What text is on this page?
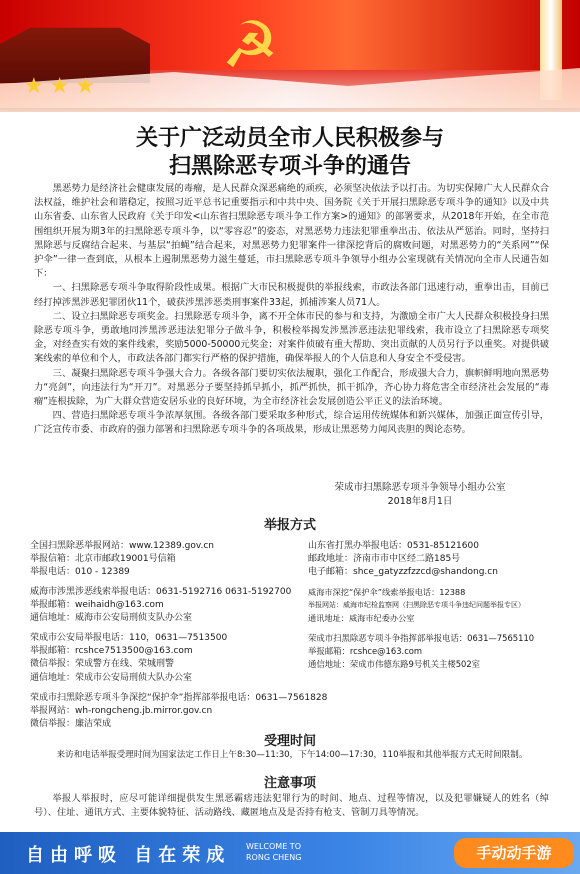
☭
★★★
关于广泛动员全市人民积极参与
扫黑除恶专项斗争的通告

黑恶势力是经济社会健康发展的毒瘤，是人民群众深恶痛绝的顽疾，必须坚决依法予以打击。为切实保障广大人民群众合法权益，维护社会和谐稳定，按照习近平总书记重要指示和中共中央、国务院《关于开展扫黑除恶专项斗争的通知》以及中共山东省委、山东省人民政府《关于印发<山东省扫黑除恶专项斗争工作方案>的通知》的部署要求，从2018年开始，在全市范围组织开展为期3年的扫黑除恶专项斗争，以“零容忍”的姿态，对黑恶势力违法犯罪重拳出击、依法从严惩治。同时，坚持扫黑除恶与反腐结合起来、与基层“拍蝇”结合起来，对黑恶势力犯罪案件一律深挖背后的腐败问题，对黑恶势力的“关系网”“保护伞”一律一查到底，从根本上遏制黑恶势力滋生蔓延，市扫黑除恶专项斗争领导小组办公室现就有关情况向全市人民通告如下：

一、扫黑除恶专项斗争取得阶段性成果。根据广大市民积极提供的举报线索，市政法各部门迅速行动，重拳出击，目前已经打掉涉黑涉恶犯罪团伙11个，破获涉黑涉恶类刑事案件33起，抓捕涉案人员71人。

二、设立扫黑除恶专项奖金。扫黑除恶专项斗争，离不开全体市民的参与和支持，为激励全市广大人民群众积极投身扫黑除恶专项斗争，勇敢地同涉黑涉恶违法犯罪分子做斗争，积极检举揭发涉黑涉恶违法犯罪线索，我市设立了扫黑除恶专项奖金，对经查实有效的案件线索，奖励5000-50000元奖金；对案件侦破有重大帮助、突出贡献的人员另行予以重奖。对提供破案线索的单位和个人，市政法各部门都实行严格的保护措施，确保举报人的个人信息和人身安全不受侵害。

三、凝聚扫黑除恶专项斗争强大合力。各级各部门要切实依法履职，强化工作配合，形成强大合力，旗帜鲜明地向黑恶势力“亮剑”，向违法行为“开刀”。对黑恶分子要坚持抓早抓小，抓严抓快，抓干抓净，齐心协力将危害全市经济社会发展的“毒瘤”连根拔除，为广大群众营造安居乐业的良好环境，为全市经济社会发展创造公平正义的法治环境。

四、营造扫黑除恶专项斗争浓厚氛围。各级各部门要采取多种形式，综合运用传统媒体和新兴媒体，加强正面宣传引导，广泛宣传市委、市政府的强力部署和扫黑除恶专项斗争的各项战果，形成让黑恶势力闻风丧胆的舆论态势。

荣成市扫黑除恶专项斗争领导小组办公室
2018年8月1日
举报方式
全国扫黑除恶举报网站：www.12389.gov.cn
举报信箱：北京市邮政19001号信箱
举报电话：010 - 12389
威海市涉黑涉恶线索举报电话：0631-5192716 0631-5192700
举报邮箱：weihaidh@163.com
通信地址：威海市公安局刑侦支队办公室
荣成市公安局举报电话：110，0631—7513500
举报邮箱：rcshce7513500@163.com
微信举报：荣成警方在线、荣城刑警
通信地址：荣成市公安局刑侦大队办公室
荣成市扫黑除恶专项斗争深挖“保护伞”指挥部举报电话：0631—7561828
举报网站：wh-rongcheng.jb.mirror.gov.cn
微信举报：廉洁荣成
山东省打黑办举报电话：0531-85121600
邮政地址：济南市市中区经二路185号
电子邮箱：shce_gatyzzfzzcd@shandong.cn
威海市深挖“保护伞”线索举报电话：12388
举报网站：威海市纪检监察网（扫黑除恶专项斗争违纪问题举报专区）
通讯地址：威海市纪委办公室
荣成市扫黑除恶专项斗争指挥部举报电话：0631—7565110
举报邮箱：rcshce@163.com
通信地址：荣成市伟德东路9号机关主楼502室
受理时间
来访和电话举报受理时间为国家法定工作日上午8:30—11:30，下午14:00—17:30，110举报和其他举报方式无时间限制。
注意事项
举报人举报时，应尽可能详细提供发生黑恶霸痞违法犯罪行为的时间、地点、过程等情况，以及犯罪嫌疑人的姓名（绰号）、住址、通讯方式、主要体貌特征、活动路线、藏匿地点及是否持有枪支、管制刀具等情况。
自由呼吸 自在荣成 WELCOME TO
RONG CHENG	手动动手游
